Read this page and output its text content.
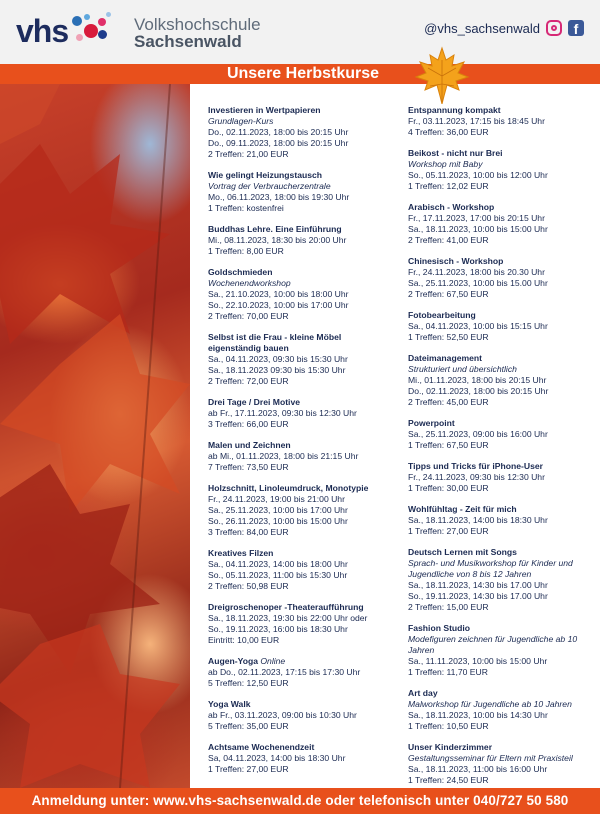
vhs	Volkshochschule
Sachsenwald
@vhs_sachsenwald	f
Unsere Herbstkurse
Investieren in Wertpapieren
Grundlagen-Kurs
Do., 02.11.2023, 18:00 bis 20:15 Uhr
Do., 09.11.2023, 18:00 bis 20:15 Uhr
2 Treffen: 21,00 EUR
Wie gelingt Heizungstausch
Vortrag der Verbraucherzentrale
Mo., 06.11.2023, 18:00 bis 19:30 Uhr
1 Treffen: kostenfrei
Buddhas Lehre. Eine Einführung
Mi., 08.11.2023, 18:30 bis 20:00 Uhr
1 Treffen: 8,00 EUR
Goldschmieden
Wochenendworkshop
Sa., 21.10.2023, 10:00 bis 18:00 Uhr
So., 22.10.2023, 10:00 bis 17:00 Uhr
2 Treffen: 70,00 EUR
Selbst ist die Frau - kleine Möbel eigenständig bauen
Sa., 04.11.2023, 09:30 bis 15:30 Uhr
Sa., 18.11.2023 09:30 bis 15:30 Uhr
2 Treffen: 72,00 EUR
Drei Tage / Drei Motive
ab Fr., 17.11.2023, 09:30 bis 12:30 Uhr
3 Treffen: 66,00 EUR
Malen und Zeichnen
ab Mi., 01.11.2023, 18:00 bis 21:15 Uhr
7 Treffen: 73,50 EUR
Holzschnitt, Linoleumdruck, Monotypie
Fr., 24.11.2023, 19:00 bis 21:00 Uhr
Sa., 25.11.2023, 10:00 bis 17:00 Uhr
So., 26.11.2023, 10:00 bis 15:00 Uhr
3 Treffen: 84,00 EUR
Kreatives Filzen
Sa., 04.11.2023, 14:00 bis 18:00 Uhr
So., 05.11.2023, 11:00 bis 15:30 Uhr
2 Treffen: 50,98 EUR
Dreigroschenoper -Theateraufführung
Sa., 18.11.2023, 19:30 bis 22:00 Uhr oder
So., 19.11.2023, 16:00 bis 18:30 Uhr
Eintritt: 10,00 EUR
Augen-Yoga Online
ab Do., 02.11.2023, 17:15 bis 17:30 Uhr
5 Treffen: 12,50 EUR
Yoga Walk
ab Fr., 03.11.2023, 09:00 bis 10:30 Uhr
5 Treffen: 35,00 EUR
Achtsame Wochenendzeit
Sa, 04.11.2023, 14:00 bis 18:30 Uhr
1 Treffen: 27,00 EUR
Entspannung kompakt
Fr., 03.11.2023, 17:15 bis 18:45 Uhr
4 Treffen: 36,00 EUR
Beikost - nicht nur Brei
Workshop mit Baby
So., 05.11.2023, 10:00 bis 12:00 Uhr
1 Treffen: 12,02 EUR
Arabisch - Workshop
Fr., 17.11.2023, 17:00 bis 20:15 Uhr
Sa., 18.11.2023, 10:00 bis 15:00 Uhr
2 Treffen: 41,00 EUR
Chinesisch - Workshop
Fr., 24.11.2023, 18:00 bis 20.30 Uhr
Sa., 25.11.2023, 10:00 bis 15.00 Uhr
2 Treffen: 67,50 EUR
Fotobearbeitung
Sa., 04.11.2023, 10:00 bis 15:15 Uhr
1 Treffen: 52,50 EUR
Dateimanagement
Strukturiert und übersichtlich
Mi., 01.11.2023, 18:00 bis 20:15 Uhr
Do., 02.11.2023, 18:00 bis 20:15 Uhr
2 Treffen: 45,00 EUR
Powerpoint
Sa., 25.11.2023, 09:00 bis 16:00 Uhr
1 Treffen: 67,50 EUR
Tipps und Tricks für iPhone-User
Fr., 24.11.2023, 09:30 bis 12:30 Uhr
1 Treffen: 30,00 EUR
Wohlfühltag - Zeit für mich
Sa., 18.11.2023, 14:00 bis 18:30 Uhr
1 Treffen: 27,00 EUR
Deutsch Lernen mit Songs
Sprach- und Musikworkshop für Kinder und Jugendliche von 8 bis 12 Jahren
Sa., 18.11.2023, 14:30 bis 17.00 Uhr
So., 19.11.2023, 14:30 bis 17.00 Uhr
2 Treffen: 15,00 EUR
Fashion Studio
Modefiguren zeichnen für Jugendliche ab 10 Jahren
Sa., 11.11.2023, 10:00 bis 15:00 Uhr
1 Treffen: 11,70 EUR
Art day
Malworkshop für Jugendliche ab 10 Jahren
Sa., 18.11.2023, 10:00 bis 14:30 Uhr
1 Treffen: 10,50 EUR
Unser Kinderzimmer
Gestaltungsseminar für Eltern mit Praxisteil
Sa., 18.11.2023, 11:00 bis 16:00 Uhr
1 Treffen: 24,50 EUR
Anmeldung unter: www.vhs-sachsenwald.de oder telefonisch unter 040/727 50 580
